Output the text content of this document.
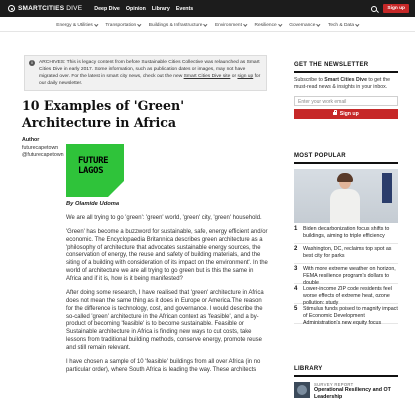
SMARTCITIES DIVE Deep Dive Opinion Library Events	Sign up
Energy & Utilities	Transportation	Buildings & Infrastructure	Environment	Resilience	Governance	Tech & Data
i	ARCHIVES: This is legacy content from before Sustainable Cities Collective was relaunched as Smart Cities Dive in early 2017. Some information, such as publication dates or images, may not have migrated over. For the latest in smart city news, check out the new Smart Cities Dive site or sign up for our daily newsletter.

10 Examples of 'Green' Architecture in Africa
Author
futurecapetown
@futurecapetown
FUTURE
LAGOS
By Olamide Udoma

We are all trying to go 'green': 'green' world, 'green' city, 'green' household.

'Green' has become a buzzword for sustainable, safe, energy efficient and/or economic. The Encyclopaedia Britannica describes green architecture as a 'philosophy of architecture that advocates sustainable energy sources, the conservation of energy, the reuse and safety of building materials, and the siting of a building with consideration of its impact on the environment'. In the world of architecture we are all trying to go green but is this the same in Africa and if it is, how is it being manifested?

After doing some research, I have realised that 'green' architecture in Africa does not mean the same thing as it does in Europe or America.The reason for the difference is technology, cost, and governance. I would describe the so-called 'green' architecture in the African context as 'feasible', and a by-product of becoming 'feasible' is to become sustainable. Feasible or Sustainable architecture in Africa is finding new ways to cut costs, take lessons from traditional building methods, conserve energy, promote reuse and still remain relevant.

I have chosen a sample of 10 'feasible' buildings from all over Africa (in no particular order), where South Africa is leading the way. These architects

GET THE NEWSLETTER
Subscribe to Smart Cities Dive to get the must-read news & insights in your inbox.
Enter your work email
Sign up
MOST POPULAR
1	Biden decarbonization focus shifts to buildings, aiming to triple efficiency
2	Washington, DC, reclaims top spot as best city for parks
3	With more extreme weather on horizon, FEMA resilience program's dollars to double
4	Lower-income ZIP code residents feel worse effects of extreme heat, ozone pollution: study
5	Stimulus funds poised to magnify impact of Economic Development Administration's new equity focus
LIBRARY
SURVEY REPORT
Operational Resiliency and OT Leadership
